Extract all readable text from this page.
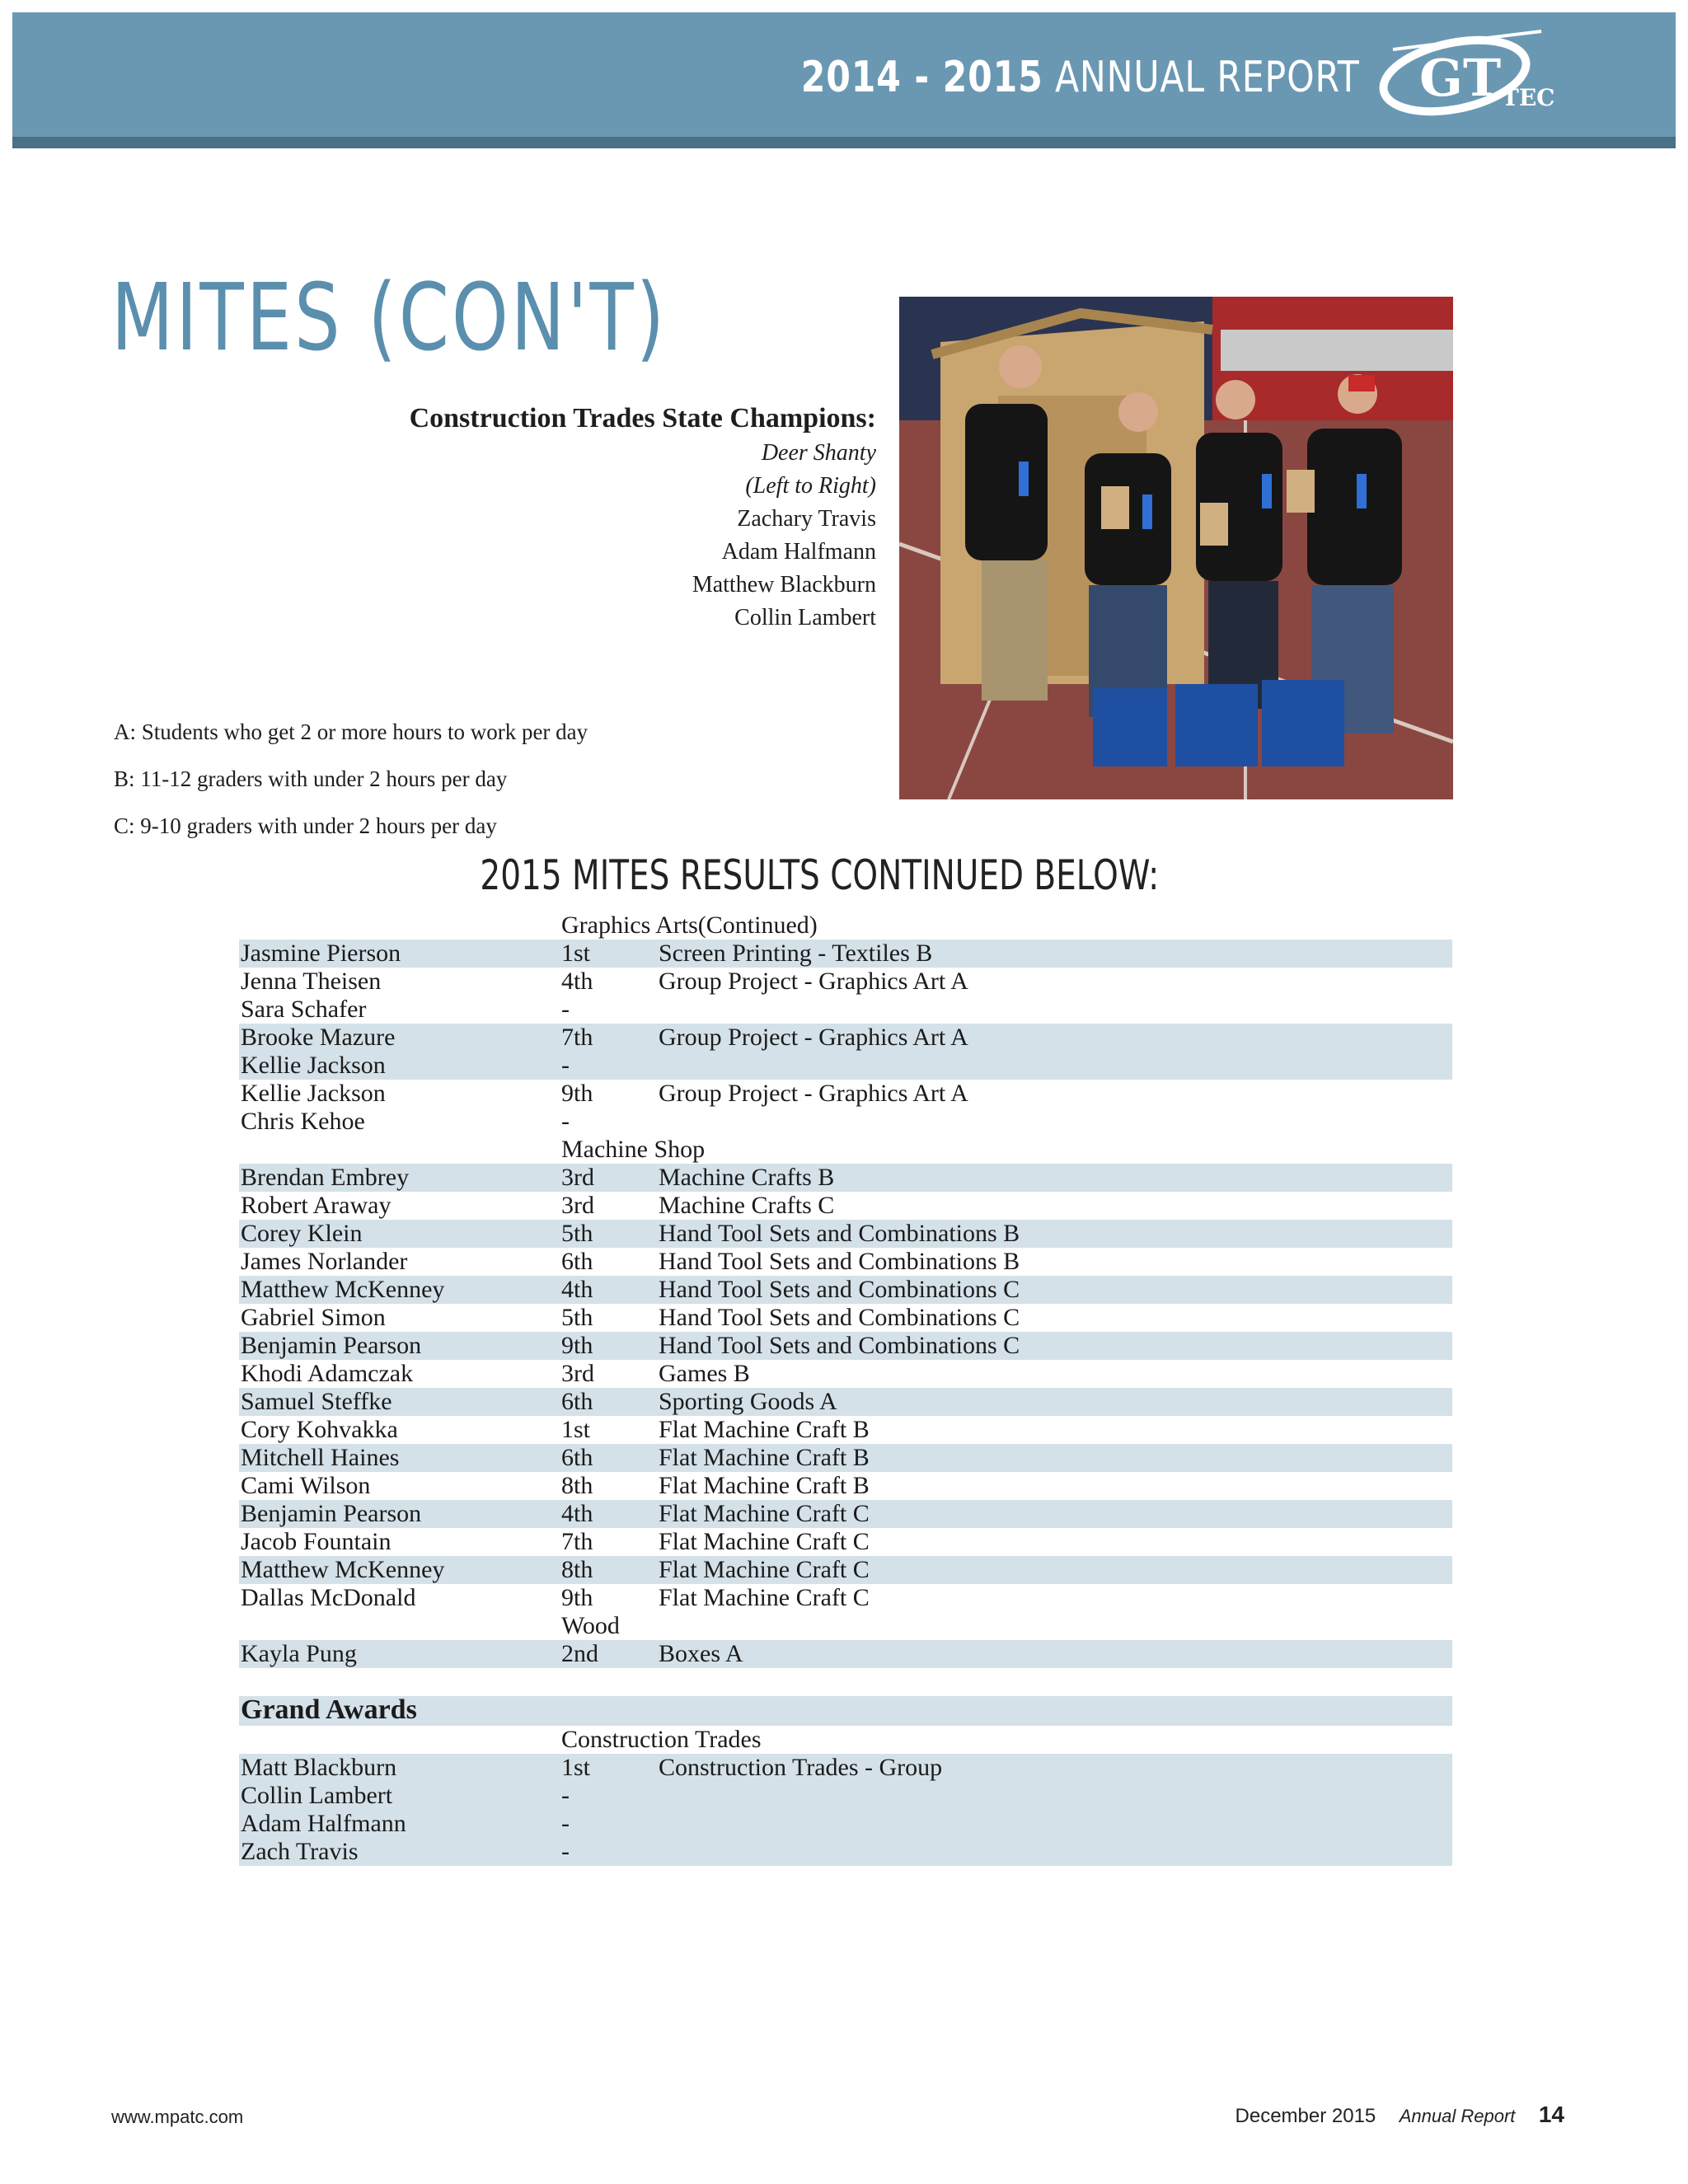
2014 - 2015 ANNUAL REPORT GT TEC
MITES (CON'T)
Construction Trades State Champions:
Deer Shanty
(Left to Right)
Zachary Travis
Adam Halfmann
Matthew Blackburn
Collin Lambert
A: Students who get 2 or more hours to work per day
B: 11-12 graders with under 2 hours per day
C: 9-10 graders with under 2 hours per day
2015 MITES RESULTS CONTINUED BELOW:
Graphics Arts(Continued)
Jasmine Pierson	1st	Screen Printing - Textiles B
Jenna Theisen	4th	Group Project - Graphics Art A
Sara Schafer	-
Brooke Mazure	7th	Group Project - Graphics Art A
Kellie Jackson	-
Kellie Jackson	9th	Group Project - Graphics Art A
Chris Kehoe	-
Machine Shop
Brendan Embrey	3rd	Machine Crafts B
Robert Araway	3rd	Machine Crafts C
Corey Klein	5th	Hand Tool Sets and Combinations B
James Norlander	6th	Hand Tool Sets and Combinations B
Matthew McKenney	4th	Hand Tool Sets and Combinations C
Gabriel Simon	5th	Hand Tool Sets and Combinations C
Benjamin Pearson	9th	Hand Tool Sets and Combinations C
Khodi Adamczak	3rd	Games B
Samuel Steffke	6th	Sporting Goods A
Cory Kohvakka	1st	Flat Machine Craft B
Mitchell Haines	6th	Flat Machine Craft B
Cami Wilson	8th	Flat Machine Craft B
Benjamin Pearson	4th	Flat Machine Craft C
Jacob Fountain	7th	Flat Machine Craft C
Matthew McKenney	8th	Flat Machine Craft C
Dallas McDonald	9th	Flat Machine Craft C
Wood
Kayla Pung	2nd Boxes A
Grand Awards
Construction Trades
Matt Blackburn	1st	Construction Trades - Group
Collin Lambert	-
Adam Halfmann	-
Zach Travis	-
www.mpatc.com	December 2015 Annual Report 14
